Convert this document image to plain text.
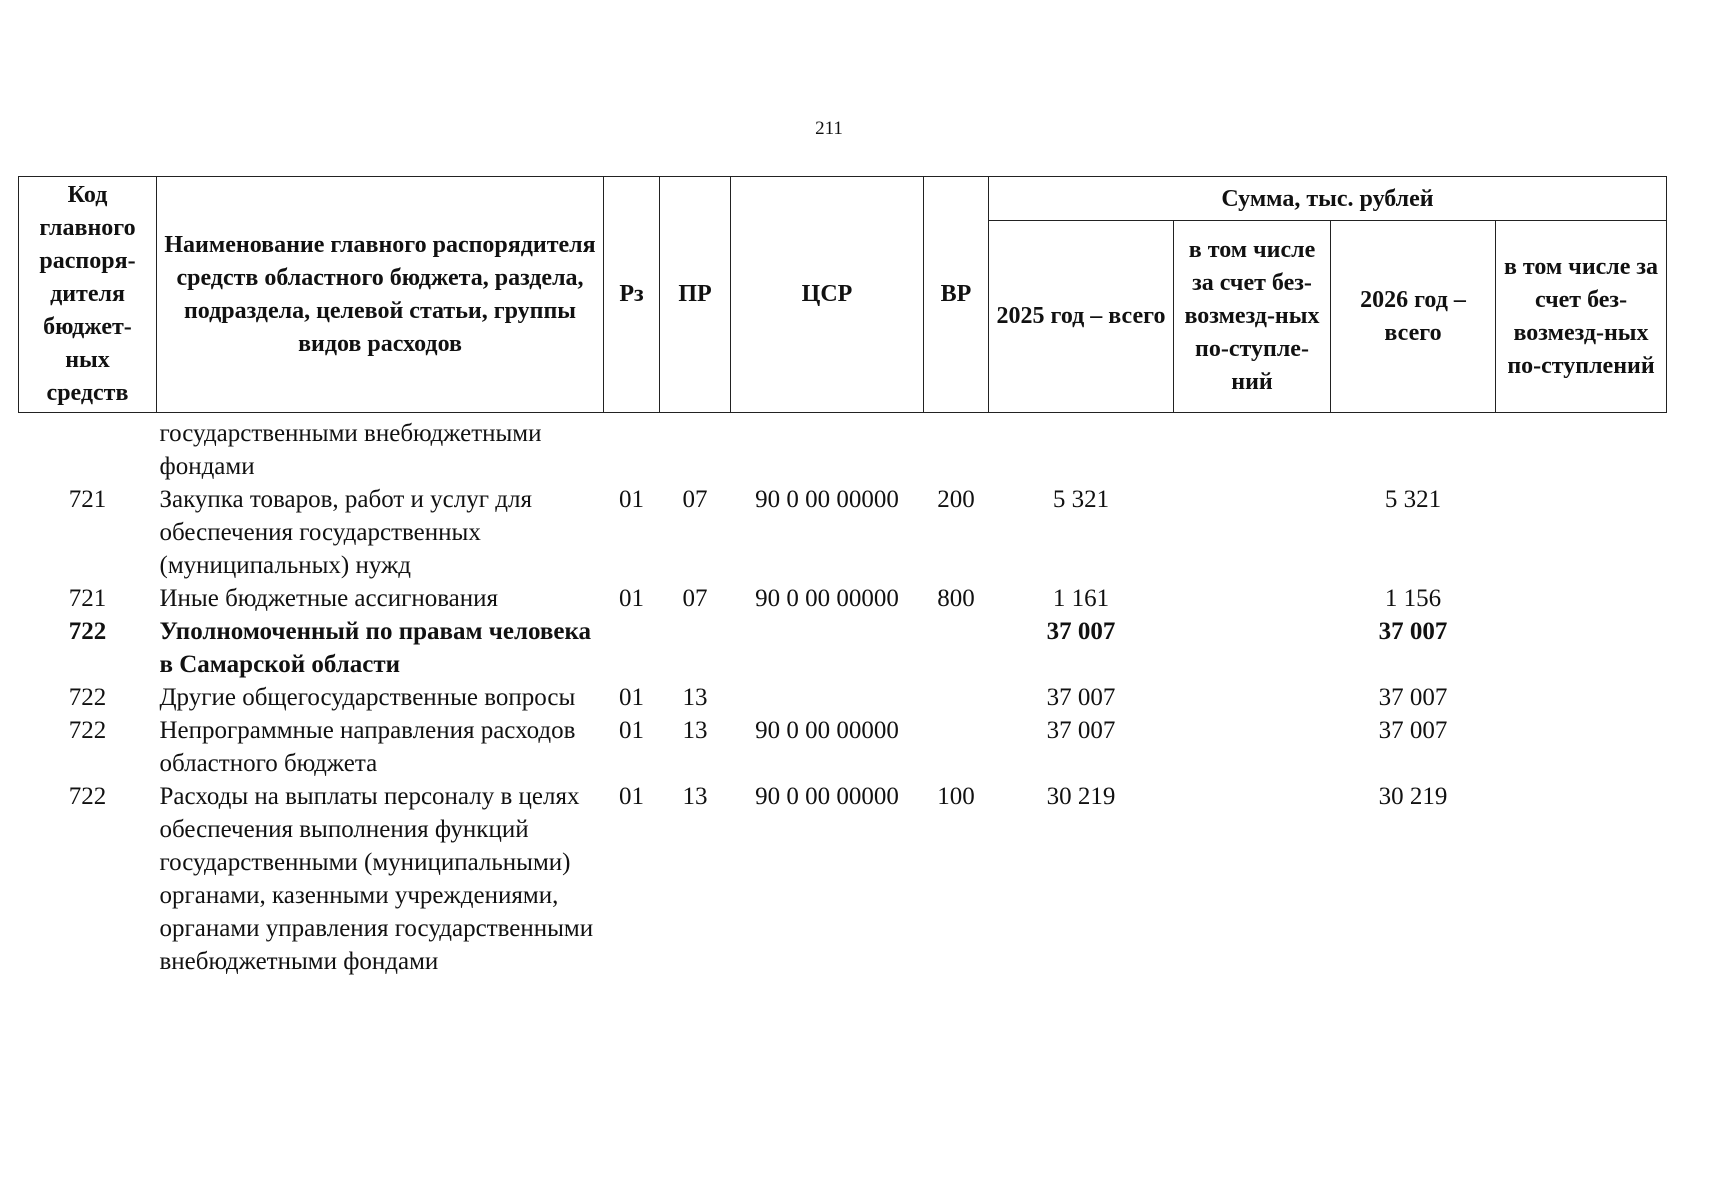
211
Код главного распоря-дителя бюджет-ных средств	Наименование главного распорядителя средств областного бюджета, раздела, подраздела, целевой статьи, группы видов расходов	Рз	ПР	ЦСР	ВР	Сумма, тыс. рублей			
						2025 год – всего	в том числе за счет без-возмезд-ных по-ступле-ний	2026 год – всего	в том числе за счет без-возмезд-ных по-ступлений
	государственными внебюджетными фондами								
721	Закупка товаров, работ и услуг для обеспечения государственных (муниципальных) нужд	01	07	90 0 00 00000	200	5 321		5 321	
721	Иные бюджетные ассигнования	01	07	90 0 00 00000	800	1 161		1 156	
722	Уполномоченный по правам человека в Самарской области					37 007		37 007	
722	Другие общегосударственные вопросы	01	13			37 007		37 007	
722	Непрограммные направления расходов областного бюджета	01	13	90 0 00 00000		37 007		37 007	
722	Расходы на выплаты персоналу в целях обеспечения выполнения функций государственными (муниципальными) органами, казенными учреждениями, органами управления государственными внебюджетными фондами	01	13	90 0 00 00000	100	30 219		30 219	
